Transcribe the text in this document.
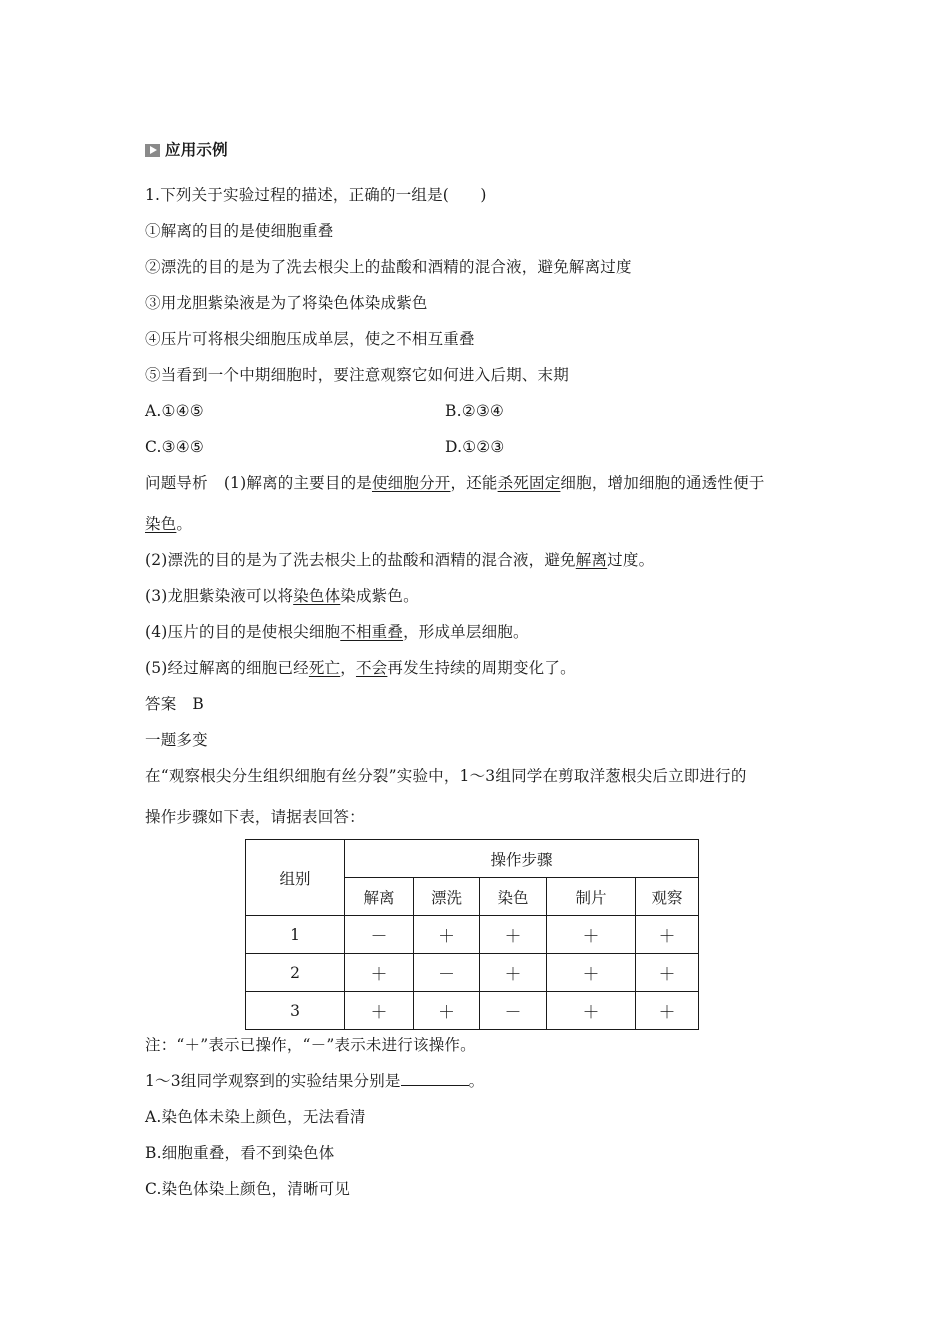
应用示例
1.下列关于实验过程的描述，正确的一组是(　　)
①解离的目的是使细胞重叠
②漂洗的目的是为了洗去根尖上的盐酸和酒精的混合液，避免解离过度
③用龙胆紫染液是为了将染色体染成紫色
④压片可将根尖细胞压成单层，使之不相互重叠
⑤当看到一个中期细胞时，要注意观察它如何进入后期、末期
A.①④⑤	B.②③④
C.③④⑤	D.①②③
问题导析 (1)解离的主要目的是使细胞分开，还能杀死固定细胞，增加细胞的通透性便于
染色。
(2)漂洗的目的是为了洗去根尖上的盐酸和酒精的混合液，避免解离过度。
(3)龙胆紫染液可以将染色体染成紫色。
(4)压片的目的是使根尖细胞不相重叠，形成单层细胞。
(5)经过解离的细胞已经死亡，不会再发生持续的周期变化了。
答案 B
一题多变
在“观察根尖分生组织细胞有丝分裂”实验中，1～3组同学在剪取洋葱根尖后立即进行的
操作步骤如下表，请据表回答：
组别	操作步骤				
	解离	漂洗	染色	制片	观察
1	－	＋	＋	＋	＋
2	＋	－	＋	＋	＋
3	＋	＋	－	＋	＋
注：“＋”表示已操作，“－”表示未进行该操作。
1～3组同学观察到的实验结果分别是	。
A.染色体未染上颜色，无法看清
B.细胞重叠，看不到染色体
C.染色体染上颜色，清晰可见
